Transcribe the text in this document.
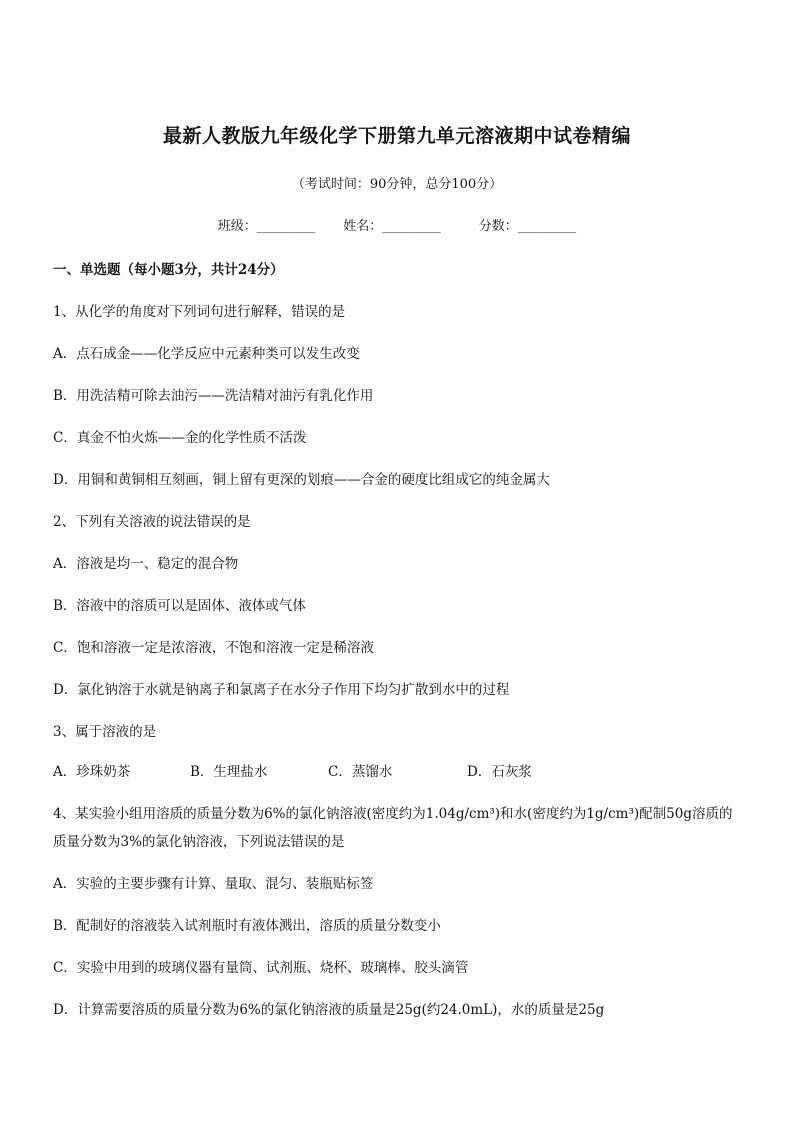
最新人教版九年级化学下册第九单元溶液期中试卷精编
（考试时间：90分钟，总分100分）
班级：_________ 姓名：_________	分数：_________
一、单选题（每小题3分，共计24分）
1、从化学的角度对下列词句进行解释，错误的是
A．点石成金——化学反应中元素种类可以发生改变
B．用洗洁精可除去油污——洗洁精对油污有乳化作用
C．真金不怕火炼——金的化学性质不活泼
D．用铜和黄铜相互刻画，铜上留有更深的划痕——合金的硬度比组成它的纯金属大
2、下列有关溶液的说法错误的是
A．溶液是均一、稳定的混合物
B．溶液中的溶质可以是固体、液体或气体
C．饱和溶液一定是浓溶液，不饱和溶液一定是稀溶液
D．氯化钠溶于水就是钠离子和氯离子在水分子作用下均匀扩散到水中的过程
3、属于溶液的是
A．珍珠奶茶	B．生理盐水	C．蒸馏水	D．石灰浆
4、某实验小组用溶质的质量分数为6%的氯化钠溶液(密度约为1.04g/cm³)和水(密度约为1g/cm³)配制50g溶质的质量分数为3%的氯化钠溶液，下列说法错误的是
A．实验的主要步骤有计算、量取、混匀、装瓶贴标签
B．配制好的溶液装入试剂瓶时有液体溅出，溶质的质量分数变小
C．实验中用到的玻璃仪器有量筒、试剂瓶、烧杯、玻璃棒、胶头滴管
D．计算需要溶质的质量分数为6%的氯化钠溶液的质量是25g(约24.0mL)，水的质量是25g
